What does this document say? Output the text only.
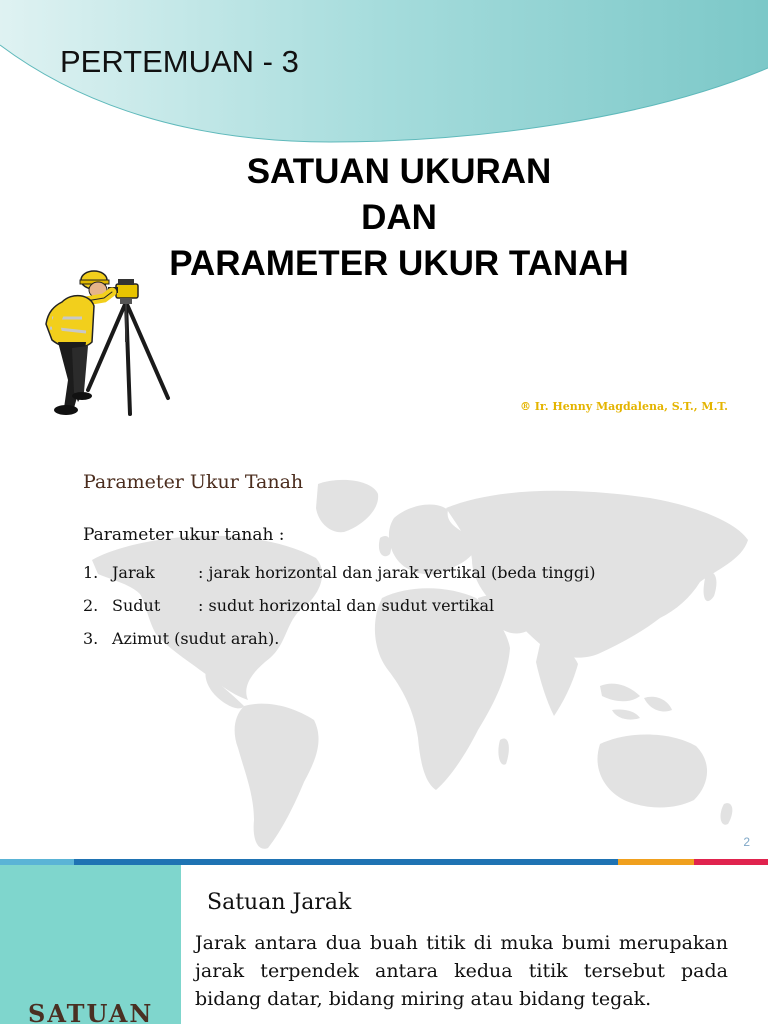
PERTEMUAN - 3
SATUAN UKURAN
DAN
PARAMETER UKUR TANAH
® Ir. Henny Magdalena, S.T., M.T.
Parameter Ukur Tanah
Parameter ukur tanah :
1. Jarak	: jarak horizontal dan jarak vertikal (beda tinggi)
2. Sudut	: sudut horizontal dan sudut vertikal
3. Azimut (sudut arah).
2
SATUAN
Satuan Jarak
Jarak antara dua buah titik di muka bumi merupakan jarak terpendek antara kedua titik tersebut pada bidang datar, bidang miring atau bidang tegak.
